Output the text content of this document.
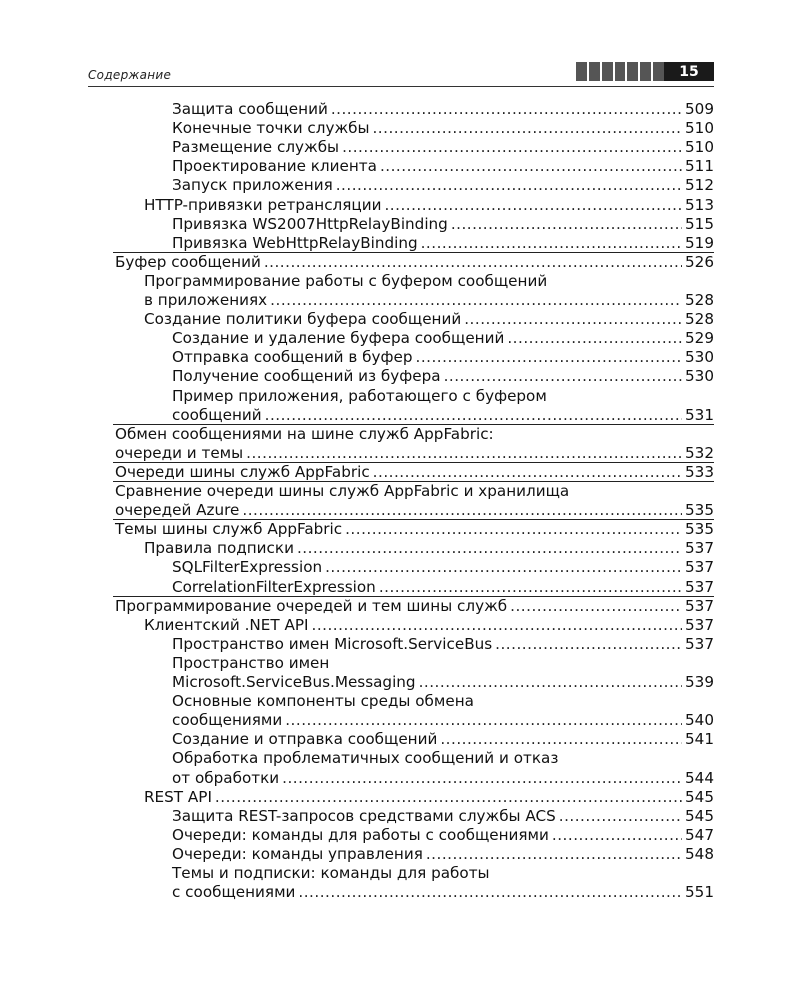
Содержание	15
Защита сообщений .....	509
Конечные точки службы .....	510
Размещение службы .....	510
Проектирование клиента .....	511
Запуск приложения .....	512
HTTP-привязки ретрансляции .....	513
Привязка WS2007HttpRelayBinding .....	515
Привязка WebHttpRelayBinding .....	519
Буфер сообщений .....	526
Программирование работы с буфером сообщений
в приложениях .....	528
Создание политики буфера сообщений .....	528
Создание и удаление буфера сообщений .....	529
Отправка сообщений в буфер .....	530
Получение сообщений из буфера .....	530
Пример приложения, работающего с буфером
сообщений .....	531
Обмен сообщениями на шине служб AppFabric:
очереди и темы .....	532
Очереди шины служб AppFabric .....	533
Сравнение очереди шины служб AppFabric и хранилища
очередей Azure .....	535
Темы шины служб AppFabric .....	535
Правила подписки .....	537
SQLFilterExpression .....	537
CorrelationFilterExpression .....	537
Программирование очередей и тем шины служб .....	537
Клиентский .NET API .....	537
Пространство имен Microsoft.ServiceBus .....	537
Пространство имен
Microsoft.ServiceBus.Messaging .....	539
Основные компоненты среды обмена
сообщениями .....	540
Создание и отправка сообщений .....	541
Обработка проблематичных сообщений и отказ
от обработки .....	544
REST API .....	545
Защита REST-запросов средствами службы ACS .....	545
Очереди: команды для работы с сообщениями .....	547
Очереди: команды управления .....	548
Темы и подписки: команды для работы
с сообщениями .....	551
